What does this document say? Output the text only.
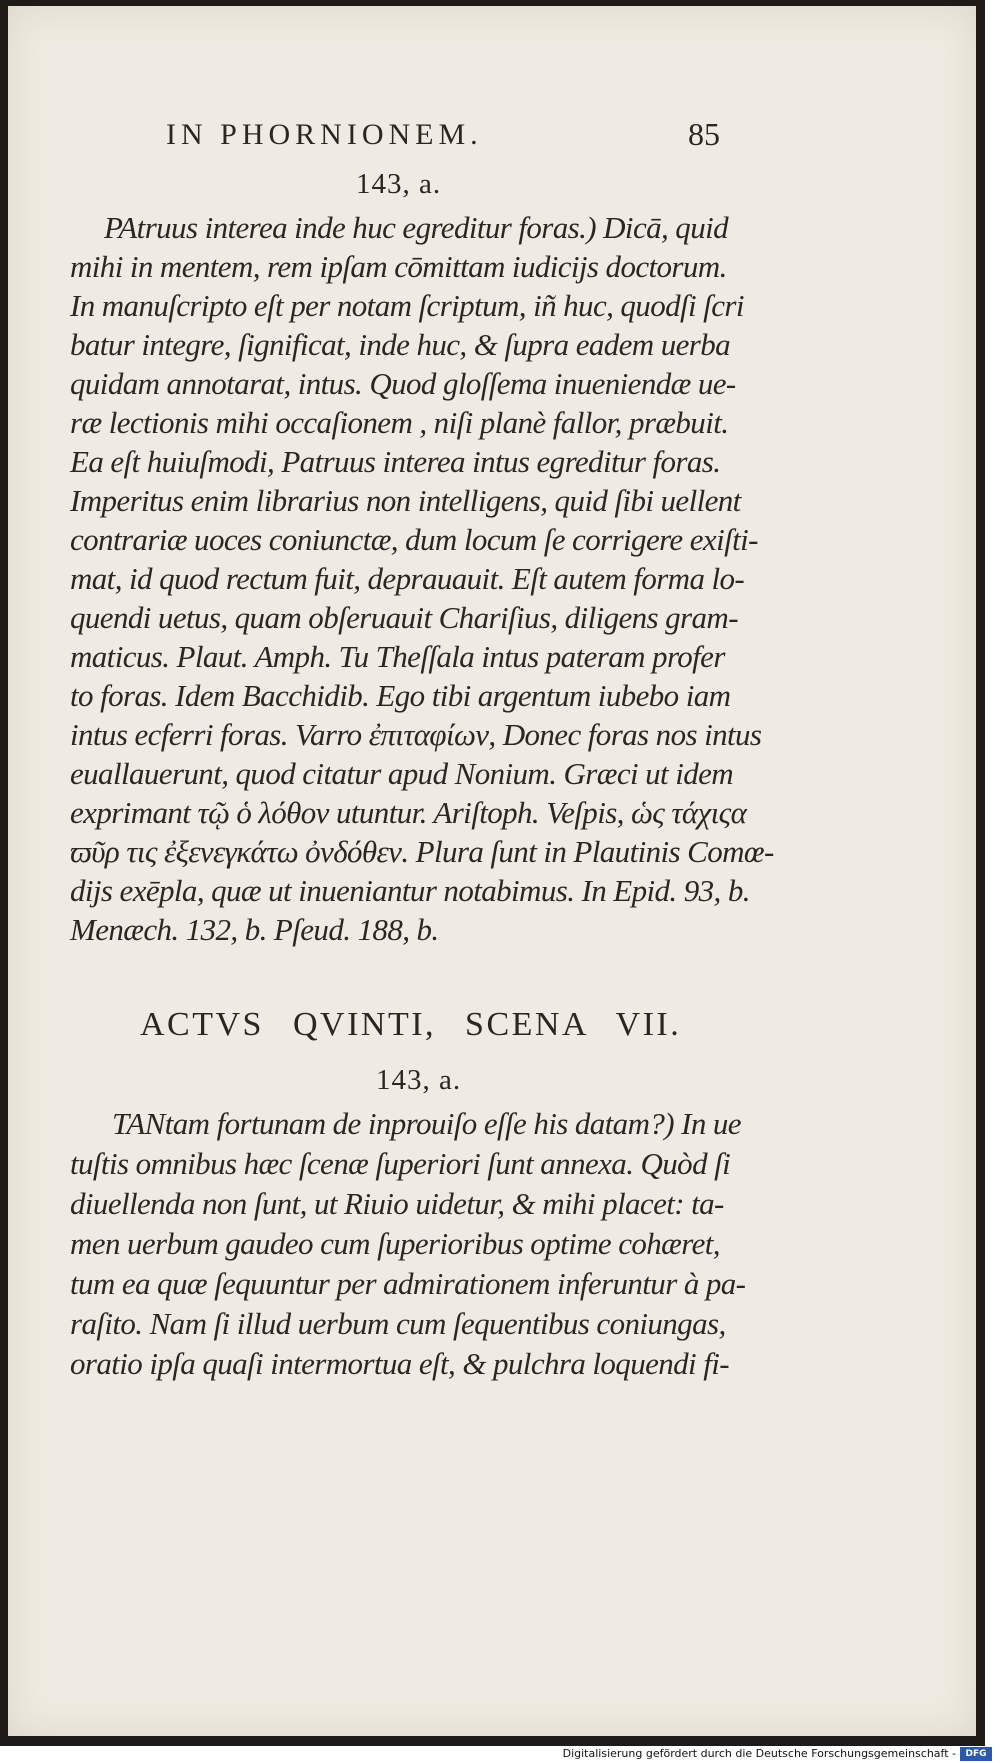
IN PHORNIONEM.	85
143, a.
PAtruus interea inde huc egreditur foras.) Dicā, quid
mihi in mentem, rem ipſam cōmittam iudicijs doctorum.
In manuſcripto eſt per notam ſcriptum, iñ huc, quodſi ſcri
batur integre, ſignificat, inde huc, & ſupra eadem uerba
quidam annotarat, intus. Quod gloſſema inueniendæ ue-
ræ lectionis mihi occaſionem , niſi planè fallor, præbuit.
Ea eſt huiuſmodi, Patruus interea intus egreditur foras.
Imperitus enim librarius non intelligens, quid ſibi uellent
contrariæ uoces coniunctæ, dum locum ſe corrigere exiſti-
mat, id quod rectum fuit, deprauauit. Eſt autem forma lo-
quendi uetus, quam obſeruauit Chariſius, diligens gram-
maticus. Plaut. Amph. Tu Theſſala intus pateram profer
to foras. Idem Bacchidib. Ego tibi argentum iubebo iam
intus ecferri foras. Varro ἐπιταφίων, Donec foras nos intus
euallauerunt, quod citatur apud Nonium. Græci ut idem
exprimant τῷ ὁ λόθον utuntur. Ariſtoph. Veſpis, ὡς τάχιςα
ϖῦρ τις ἐξενεγκάτω ὀνδόθεν. Plura ſunt in Plautinis Comœ-
dijs exēpla, quæ ut inueniantur notabimus. In Epid. 93, b.
Menæch. 132, b. Pſeud. 188, b.
ACTVS QVINTI, SCENA VII.
143, a.
TANtam fortunam de inprouiſo eſſe his datam?) In ue
tuſtis omnibus hæc ſcenæ ſuperiori ſunt annexa. Quòd ſi
diuellenda non ſunt, ut Riuio uidetur, & mihi placet: ta-
men uerbum gaudeo cum ſuperioribus optime cohæret,
tum ea quæ ſequuntur per admirationem inferuntur à pa-
raſito. Nam ſi illud uerbum cum ſequentibus coniungas,
oratio ipſa quaſi intermortua eſt, & pulchra loquendi fi-
Digitalisierung gefördert durch die Deutsche Forschungsgemeinschaft -	DFG
